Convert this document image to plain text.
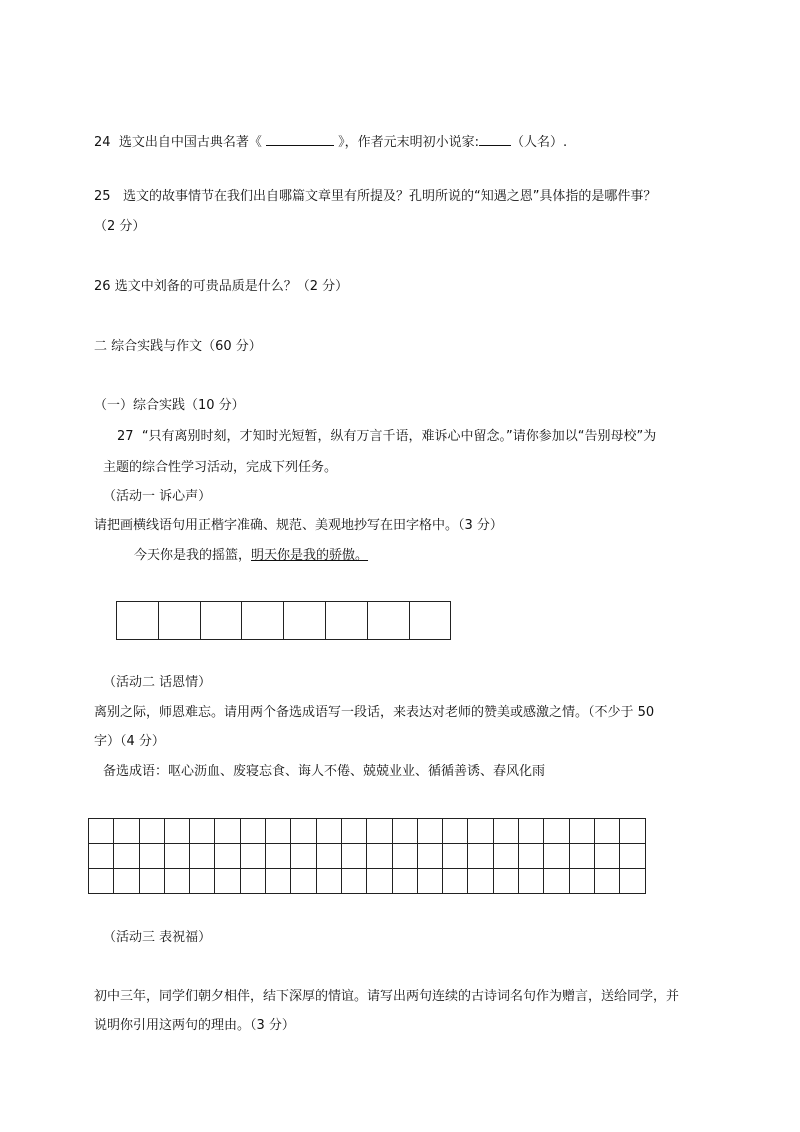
24 选文出自中国古典名著《	》，作者元末明初小说家: （人名）.
25 选文的故事情节在我们出自哪篇文章里有所提及？孔明所说的“知遇之恩”具体指的是哪件事？
（2 分）
26 选文中刘备的可贵品质是什么？（2 分）
二 综合实践与作文（60 分）
（一）综合实践（10 分）
27 “只有离别时刻，才知时光短暂，纵有万言千语，难诉心中留念。”请你参加以“告别母校”为
主题的综合性学习活动，完成下列任务。
（活动一 诉心声）
请把画横线语句用正楷字准确、规范、美观地抄写在田字格中。（3 分）
今天你是我的摇篮，明天你是我的骄傲。

（活动二 话恩情）
离别之际，师恩难忘。请用两个备选成语写一段话，来表达对老师的赞美或感激之情。（不少于 50
字）（4 分）
备选成语：呕心沥血、废寝忘食、诲人不倦、兢兢业业、循循善诱、春风化雨

（活动三 表祝福）
初中三年，同学们朝夕相伴，结下深厚的情谊。请写出两句连续的古诗词名句作为赠言，送给同学，并
说明你引用这两句的理由。（3 分）
